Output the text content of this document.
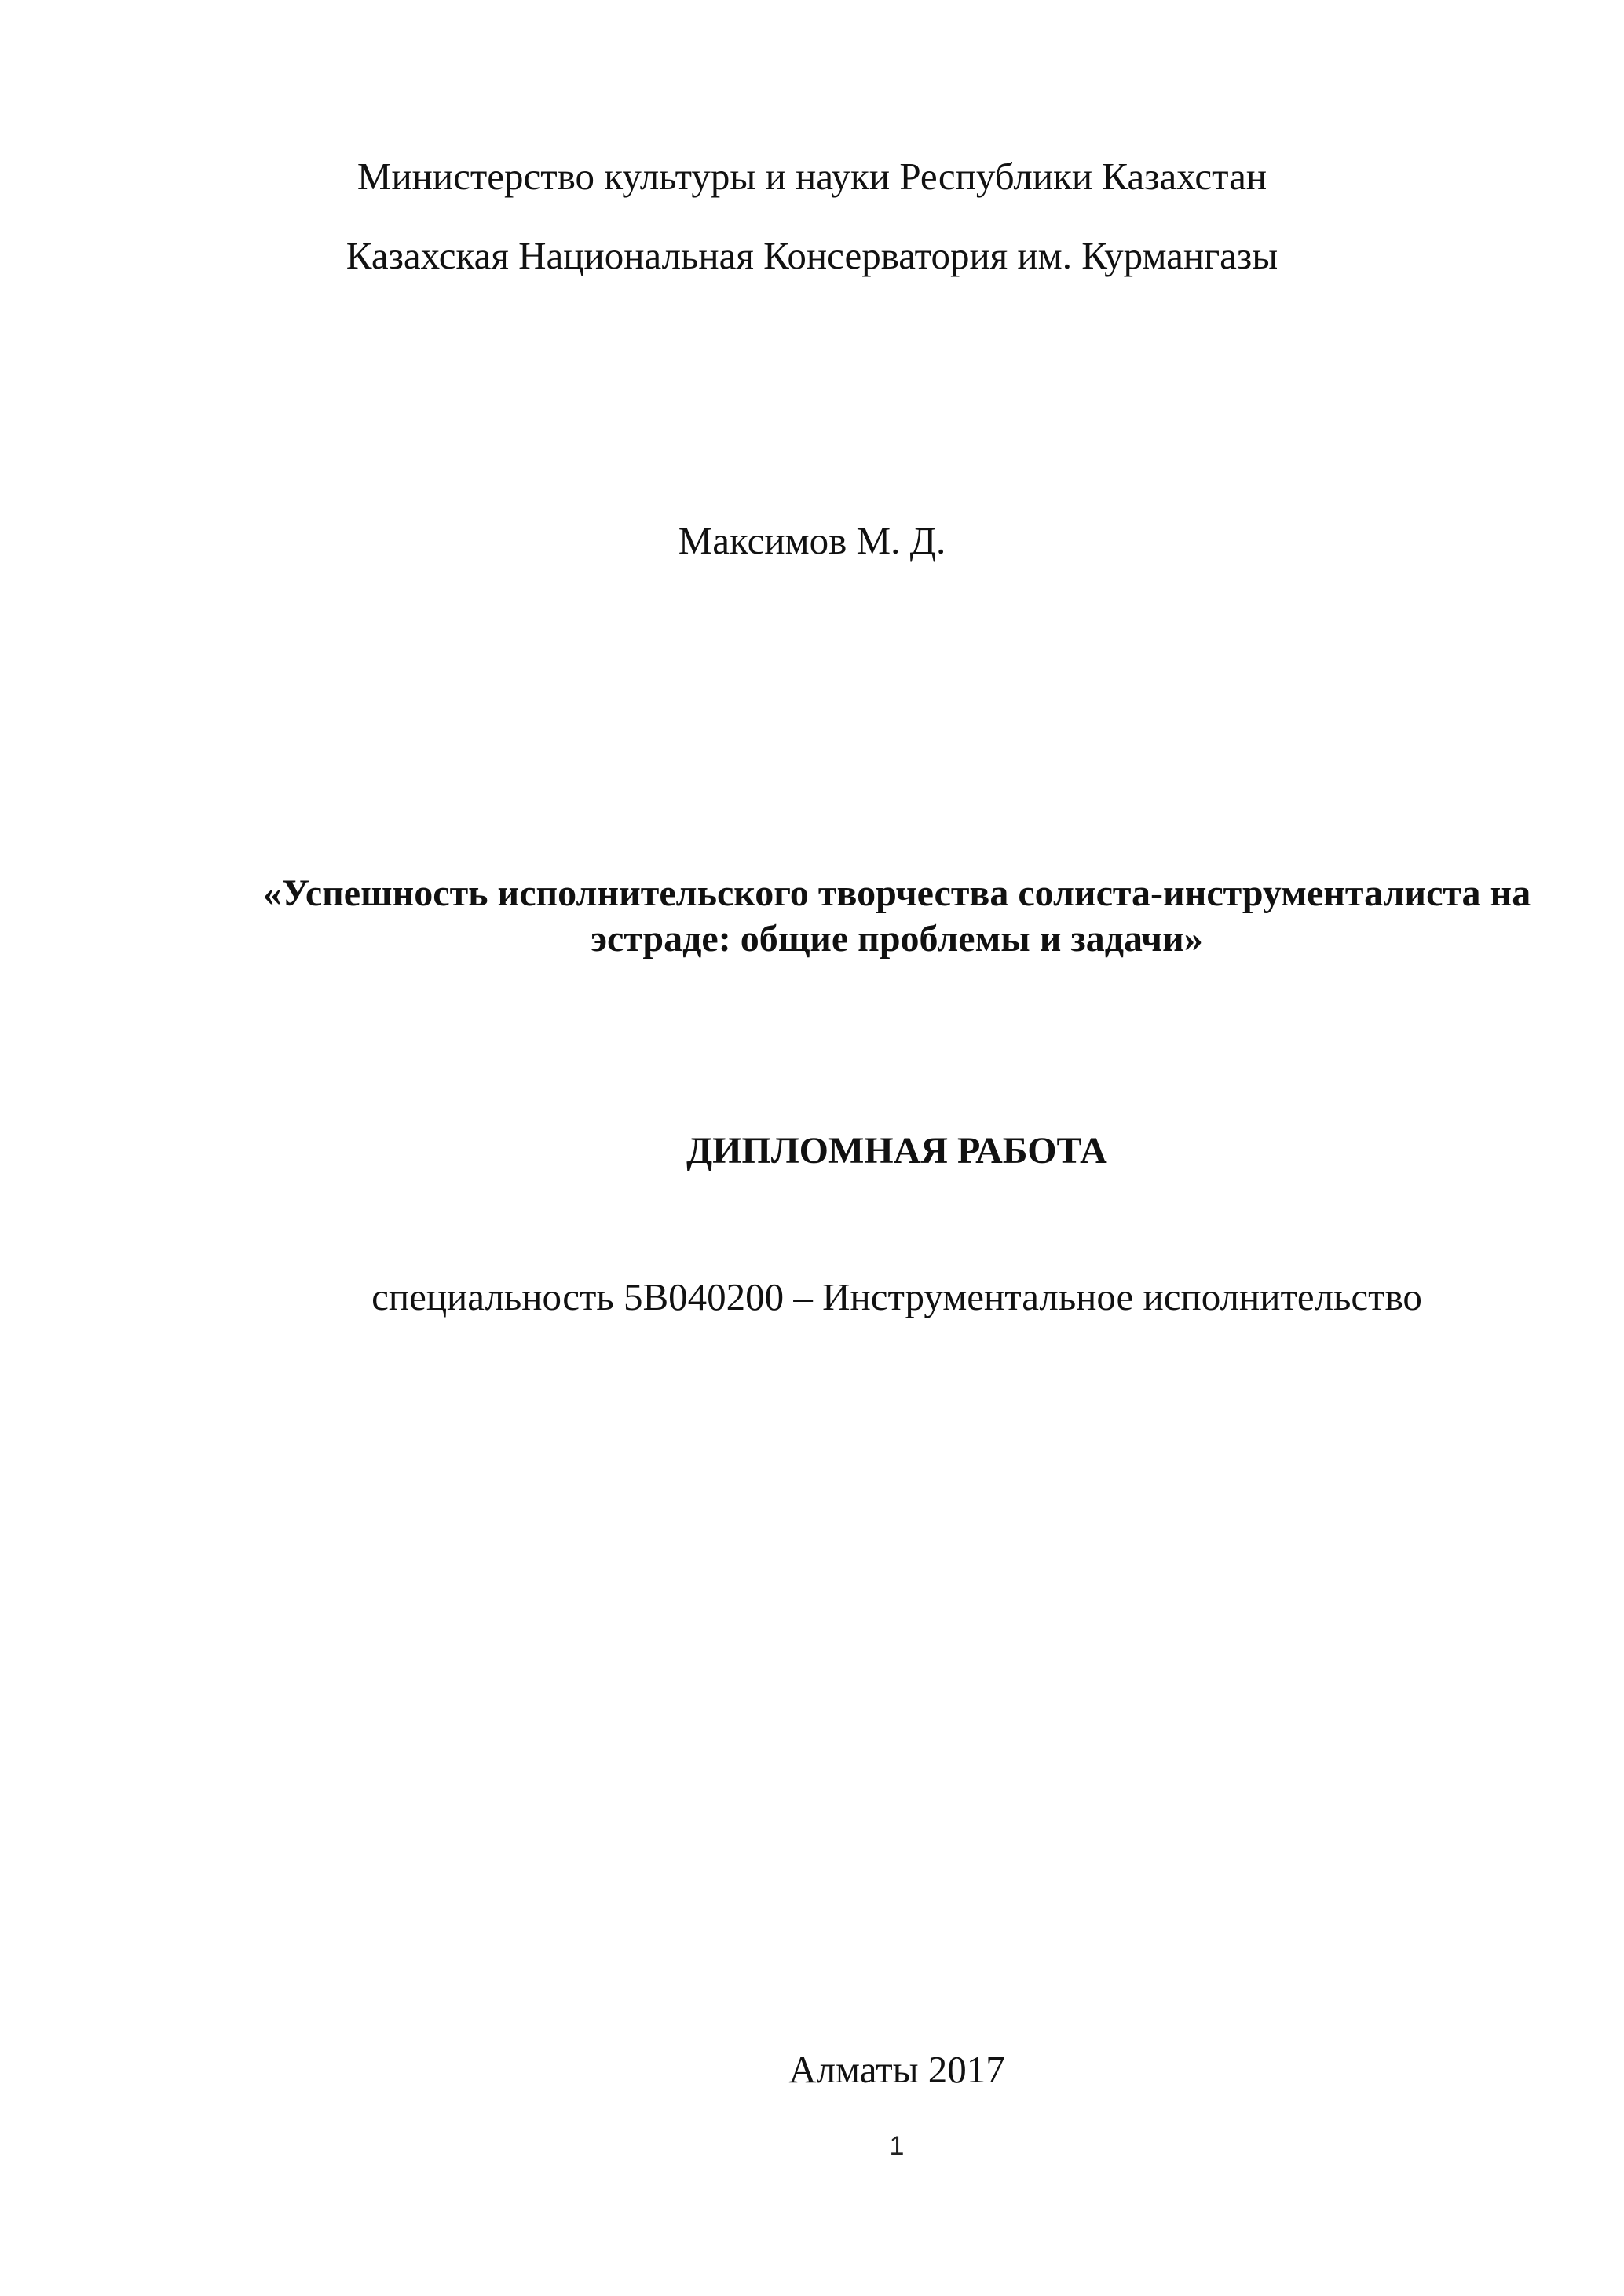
Министерство культуры и науки Республики Казахстан
Казахская Национальная Консерватория им. Курмангазы
Максимов М. Д.
«Успешность исполнительского творчества солиста-инструменталиста на
эстраде: общие проблемы и задачи»
ДИПЛОМНАЯ РАБОТА
специальность 5В040200 – Инструментальное исполнительство
Алматы 2017
1
